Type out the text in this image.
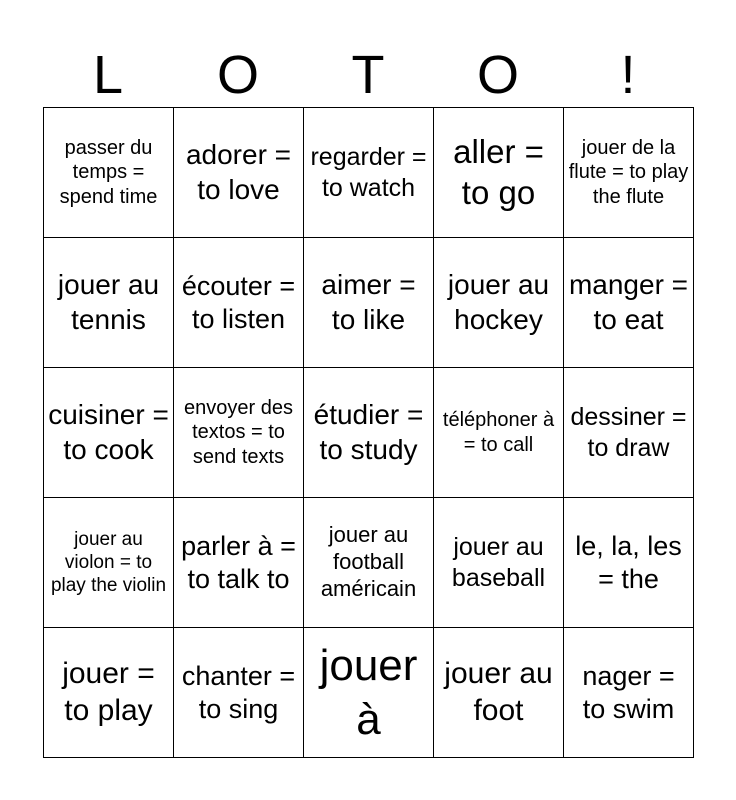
L	O	T	O	!
passer du temps = spend time	adorer = to love	regarder = to watch	aller = to go	jouer de la flute = to play the flute
jouer au tennis	écouter = to listen	aimer = to like	jouer au hockey	manger = to eat
cuisiner = to cook	envoyer des textos = to send texts	étudier = to study	téléphoner à = to call	dessiner = to draw
jouer au violon = to play the violin	parler à = to talk to	jouer au football américain	jouer au baseball	le, la, les = the
jouer = to play	chanter = to sing	jouer à	jouer au foot	nager = to swim
